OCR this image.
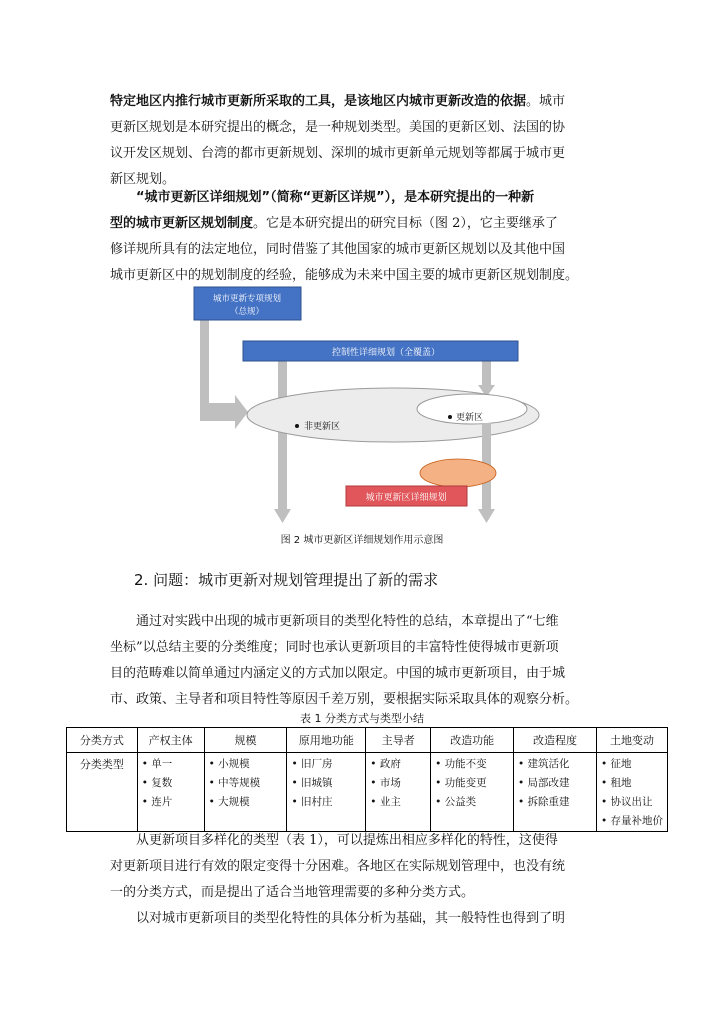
特定地区内推行城市更新所采取的工具，是该地区内城市更新改造的依据。城市
更新区规划是本研究提出的概念，是一种规划类型。美国的更新区划、法国的协
议开发区规划、台湾的都市更新规划、深圳的城市更新单元规划等都属于城市更
新区规划。
“城市更新区详细规划”（简称“更新区详规”），是本研究提出的一种新
型的城市更新区规划制度。它是本研究提出的研究目标（图 2），它主要继承了
修详规所具有的法定地位，同时借鉴了其他国家的城市更新区规划以及其他中国
城市更新区中的规划制度的经验，能够成为未来中国主要的城市更新区规划制度。
城市更新专项规划
（总规）
控制性详细规划（全覆盖）
非更新区
更新区
城市更新区详细规划
图 2 城市更新区详细规划作用示意图
2. 问题：城市更新对规划管理提出了新的需求
通过对实践中出现的城市更新项目的类型化特性的总结，本章提出了“七维
坐标”以总结主要的分类维度；同时也承认更新项目的丰富特性使得城市更新项
目的范畴难以简单通过内涵定义的方式加以限定。中国的城市更新项目，由于城
市、政策、主导者和项目特性等原因千差万别，要根据实际采取具体的观察分析。
表 1 分类方式与类型小结
分类方式	产权主体	规模	原用地功能	主导者	改造功能	改造程度	土地变动
分类类型	• 单一
• 复数
• 连片	• 小规模
• 中等规模
• 大规模	• 旧厂房
• 旧城镇
• 旧村庄	• 政府
• 市场
• 业主	• 功能不变
• 功能变更
• 公益类	• 建筑活化
• 局部改建
• 拆除重建	• 征地
• 租地
• 协议出让
• 存量补地价
从更新项目多样化的类型（表 1），可以提炼出相应多样化的特性，这使得
对更新项目进行有效的限定变得十分困难。各地区在实际规划管理中，也没有统
一的分类方式，而是提出了适合当地管理需要的多种分类方式。
以对城市更新项目的类型化特性的具体分析为基础，其一般特性也得到了明
